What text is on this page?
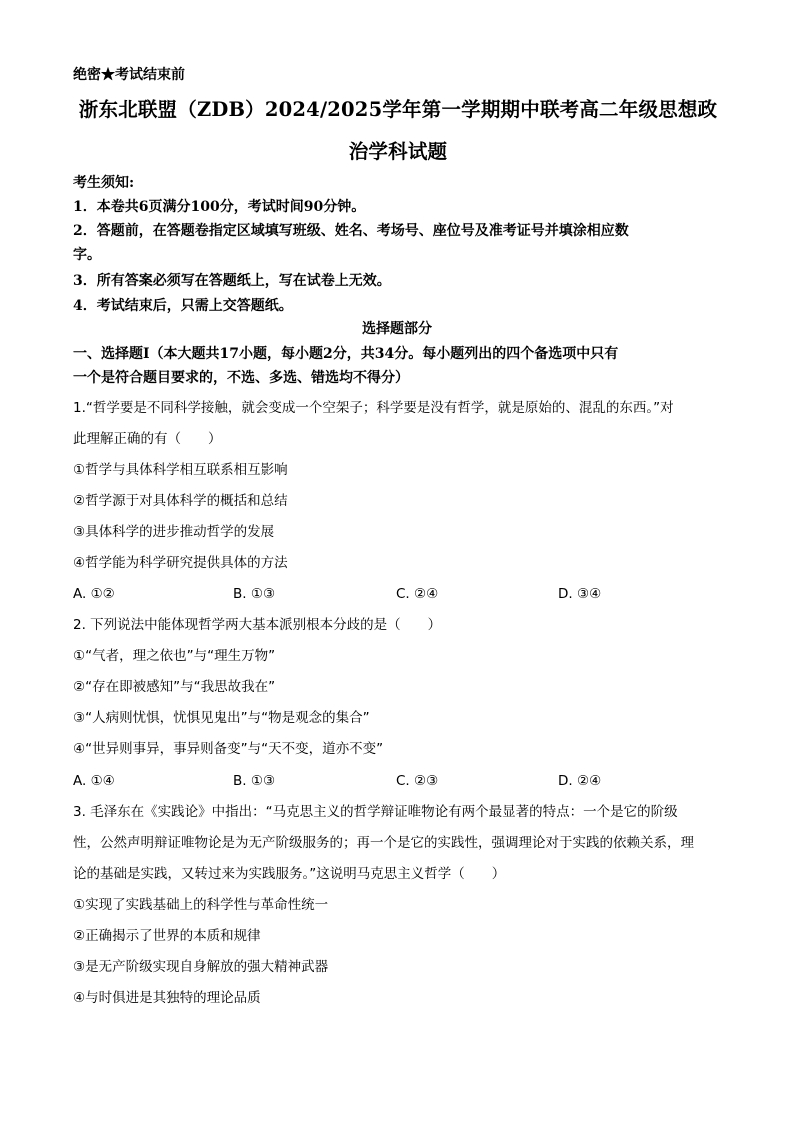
绝密★考试结束前
浙东北联盟（ZDB）2024/2025学年第一学期期中联考高二年级思想政
治学科试题
考生须知:
1．本卷共6页满分100分，考试时间90分钟。
2．答题前，在答题卷指定区域填写班级、姓名、考场号、座位号及准考证号并填涂相应数
字。
3．所有答案必须写在答题纸上，写在试卷上无效。
4．考试结束后，只需上交答题纸。
选择题部分
一、选择题Ⅰ（本大题共17小题，每小题2分，共34分。每小题列出的四个备选项中只有
一个是符合题目要求的，不选、多选、错选均不得分）
1.“哲学要是不同科学接触，就会变成一个空架子；科学要是没有哲学，就是原始的、混乱的东西。”对
此理解正确的有（　　）
①哲学与具体科学相互联系相互影响
②哲学源于对具体科学的概括和总结
③具体科学的进步推动哲学的发展
④哲学能为科学研究提供具体的方法
A. ①②	B. ①③	C. ②④	D. ③④
2. 下列说法中能体现哲学两大基本派别根本分歧的是（　　）
①“气者，理之依也”与“理生万物”
②“存在即被感知”与“我思故我在”
③“人病则忧惧，忧惧见鬼出”与“物是观念的集合”
④“世异则事异，事异则备变”与“天不变，道亦不变”
A. ①④	B. ①③	C. ②③	D. ②④
3. 毛泽东在《实践论》中指出：“马克思主义的哲学辩证唯物论有两个最显著的特点：一个是它的阶级
性，公然声明辩证唯物论是为无产阶级服务的；再一个是它的实践性，强调理论对于实践的依赖关系，理
论的基础是实践，又转过来为实践服务。”这说明马克思主义哲学（　　）
①实现了实践基础上的科学性与革命性统一
②正确揭示了世界的本质和规律
③是无产阶级实现自身解放的强大精神武器
④与时俱进是其独特的理论品质
